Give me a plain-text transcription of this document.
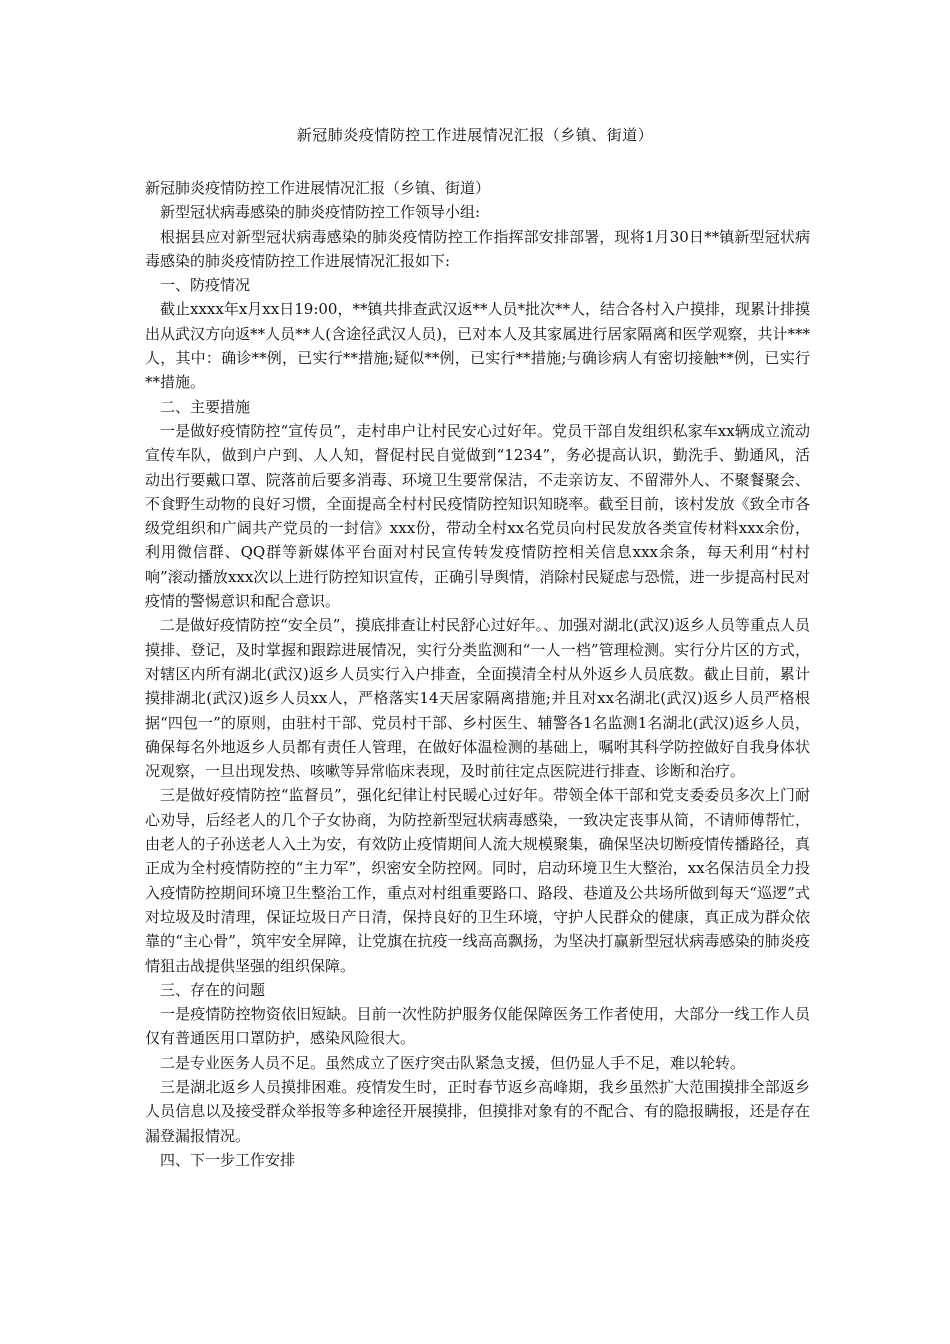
新冠肺炎疫情防控工作进展情况汇报（乡镇、街道）

新冠肺炎疫情防控工作进展情况汇报（乡镇、街道）

新型冠状病毒感染的肺炎疫情防控工作领导小组:

根据县应对新型冠状病毒感染的肺炎疫情防控工作指挥部安排部署，现将1月30日**镇新型冠状病毒感染的肺炎疫情防控工作进展情况汇报如下:

一、防疫情况

截止xxxx年x月xx日19:00，**镇共排查武汉返**人员*批次**人，结合各村入户摸排，现累计排摸出从武汉方向返**人员**人(含途径武汉人员)，已对本人及其家属进行居家隔离和医学观察，共计***人，其中：确诊**例，已实行**措施;疑似**例，已实行**措施;与确诊病人有密切接触**例，已实行**措施。

二、主要措施

一是做好疫情防控“宣传员”，走村串户让村民安心过好年。党员干部自发组织私家车xx辆成立流动宣传车队，做到户户到、人人知，督促村民自觉做到“1234”，务必提高认识，勤洗手、勤通风，活动出行要戴口罩、院落前后要多消毒、环境卫生要常保洁，不走亲访友、不留滞外人、不聚餐聚会、不食野生动物的良好习惯，全面提高全村村民疫情防控知识知晓率。截至目前，该村发放《致全市各级党组织和广阔共产党员的一封信》xxx份，带动全村xx名党员向村民发放各类宣传材料xxx余份，利用微信群、QQ群等新媒体平台面对村民宣传转发疫情防控相关信息xxx余条，每天利用“村村响”滚动播放xxx次以上进行防控知识宣传，正确引导舆情，消除村民疑虑与恐慌，进一步提高村民对疫情的警惕意识和配合意识。

二是做好疫情防控“安全员”，摸底排查让村民舒心过好年。、加强对湖北(武汉)返乡人员等重点人员摸排、登记，及时掌握和跟踪进展情况，实行分类监测和“一人一档”管理检测。实行分片区的方式，对辖区内所有湖北(武汉)返乡人员实行入户排查，全面摸清全村从外返乡人员底数。截止目前，累计摸排湖北(武汉)返乡人员xx人，严格落实14天居家隔离措施;并且对xx名湖北(武汉)返乡人员严格根据“四包一”的原则，由驻村干部、党员村干部、乡村医生、辅警各1名监测1名湖北(武汉)返乡人员，确保每名外地返乡人员都有责任人管理，在做好体温检测的基础上，嘱咐其科学防控做好自我身体状况观察，一旦出现发热、咳嗽等异常临床表现，及时前往定点医院进行排查、诊断和治疗。

三是做好疫情防控“监督员”，强化纪律让村民暖心过好年。带领全体干部和党支委委员多次上门耐心劝导，后经老人的几个子女协商，为防控新型冠状病毒感染，一致决定丧事从简，不请师傅帮忙，由老人的子孙送老人入土为安，有效防止疫情期间人流大规模聚集，确保坚决切断疫情传播路径，真正成为全村疫情防控的“主力军”，织密安全防控网。同时，启动环境卫生大整治，xx名保洁员全力投入疫情防控期间环境卫生整治工作，重点对村组重要路口、路段、巷道及公共场所做到每天“巡逻”式对垃圾及时清理，保证垃圾日产日清，保持良好的卫生环境，守护人民群众的健康，真正成为群众依靠的“主心骨”，筑牢安全屏障，让党旗在抗疫一线高高飘扬，为坚决打赢新型冠状病毒感染的肺炎疫情狙击战提供坚强的组织保障。

三、存在的问题

一是疫情防控物资依旧短缺。目前一次性防护服务仅能保障医务工作者使用，大部分一线工作人员仅有普通医用口罩防护，感染风险很大。

二是专业医务人员不足。虽然成立了医疗突击队紧急支援，但仍显人手不足，难以轮转。

三是湖北返乡人员摸排困难。疫情发生时，正时春节返乡高峰期，我乡虽然扩大范围摸排全部返乡人员信息以及接受群众举报等多种途径开展摸排，但摸排对象有的不配合、有的隐报瞒报，还是存在漏登漏报情况。

四、下一步工作安排
